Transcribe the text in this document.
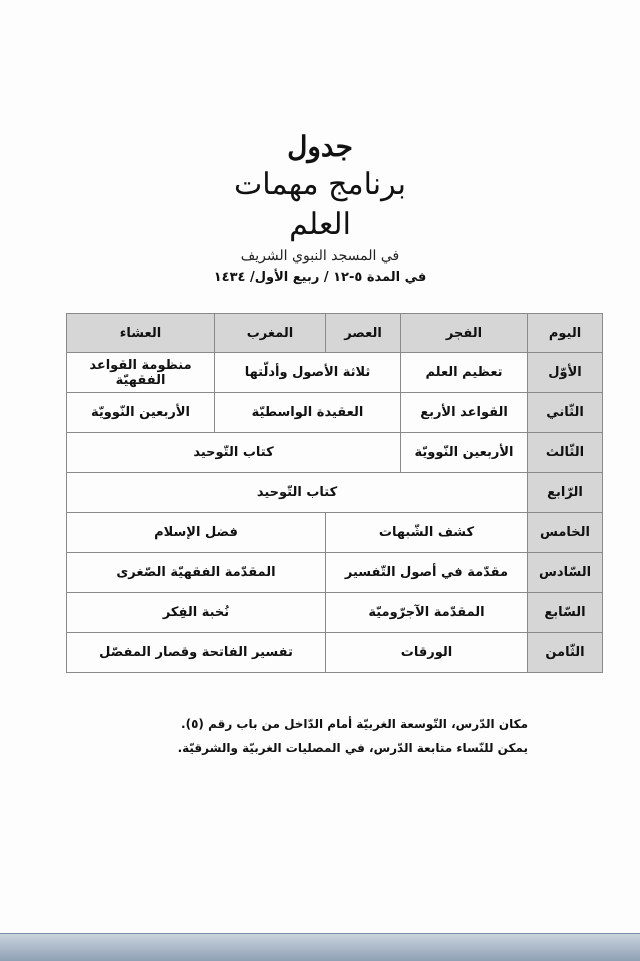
جدول
برنامج مهمات العلم
في المسجد النبوي الشريف
في المدة ٥-١٢ / ربيع الأول/ ١٤٣٤
اليوم	الفجر	العصر	المغرب	العشاء
الأوّل	تعظيم العلم	ثلاثة الأصول وأدلّتها		منظومة القواعد الفقهيّة
الثّاني	القواعد الأربع	العقيدة الواسطيّة		الأربعين النّوويّة
الثّالث	الأربعين النّوويّة	كتاب التّوحيد		
الرّابع	كتاب التّوحيد			
الخامس	كشف الشّبهات		فضل الإسلام	
السّادس	مقدّمة في أصول التّفسير		المقدّمة الفقهيّة الصّغرى	
السّابع	المقدّمة الآجرّوميّة		نُخبة الفِكر	
الثّامن	الورقات		تفسير الفاتحة وقصار المفصّل	
مكان الدّرس، التّوسعة الغربيّة أمام الدّاخل من باب رقم (٥).
يمكن للنّساء متابعة الدّرس، في المصليات الغربيّة والشرقيّة.
